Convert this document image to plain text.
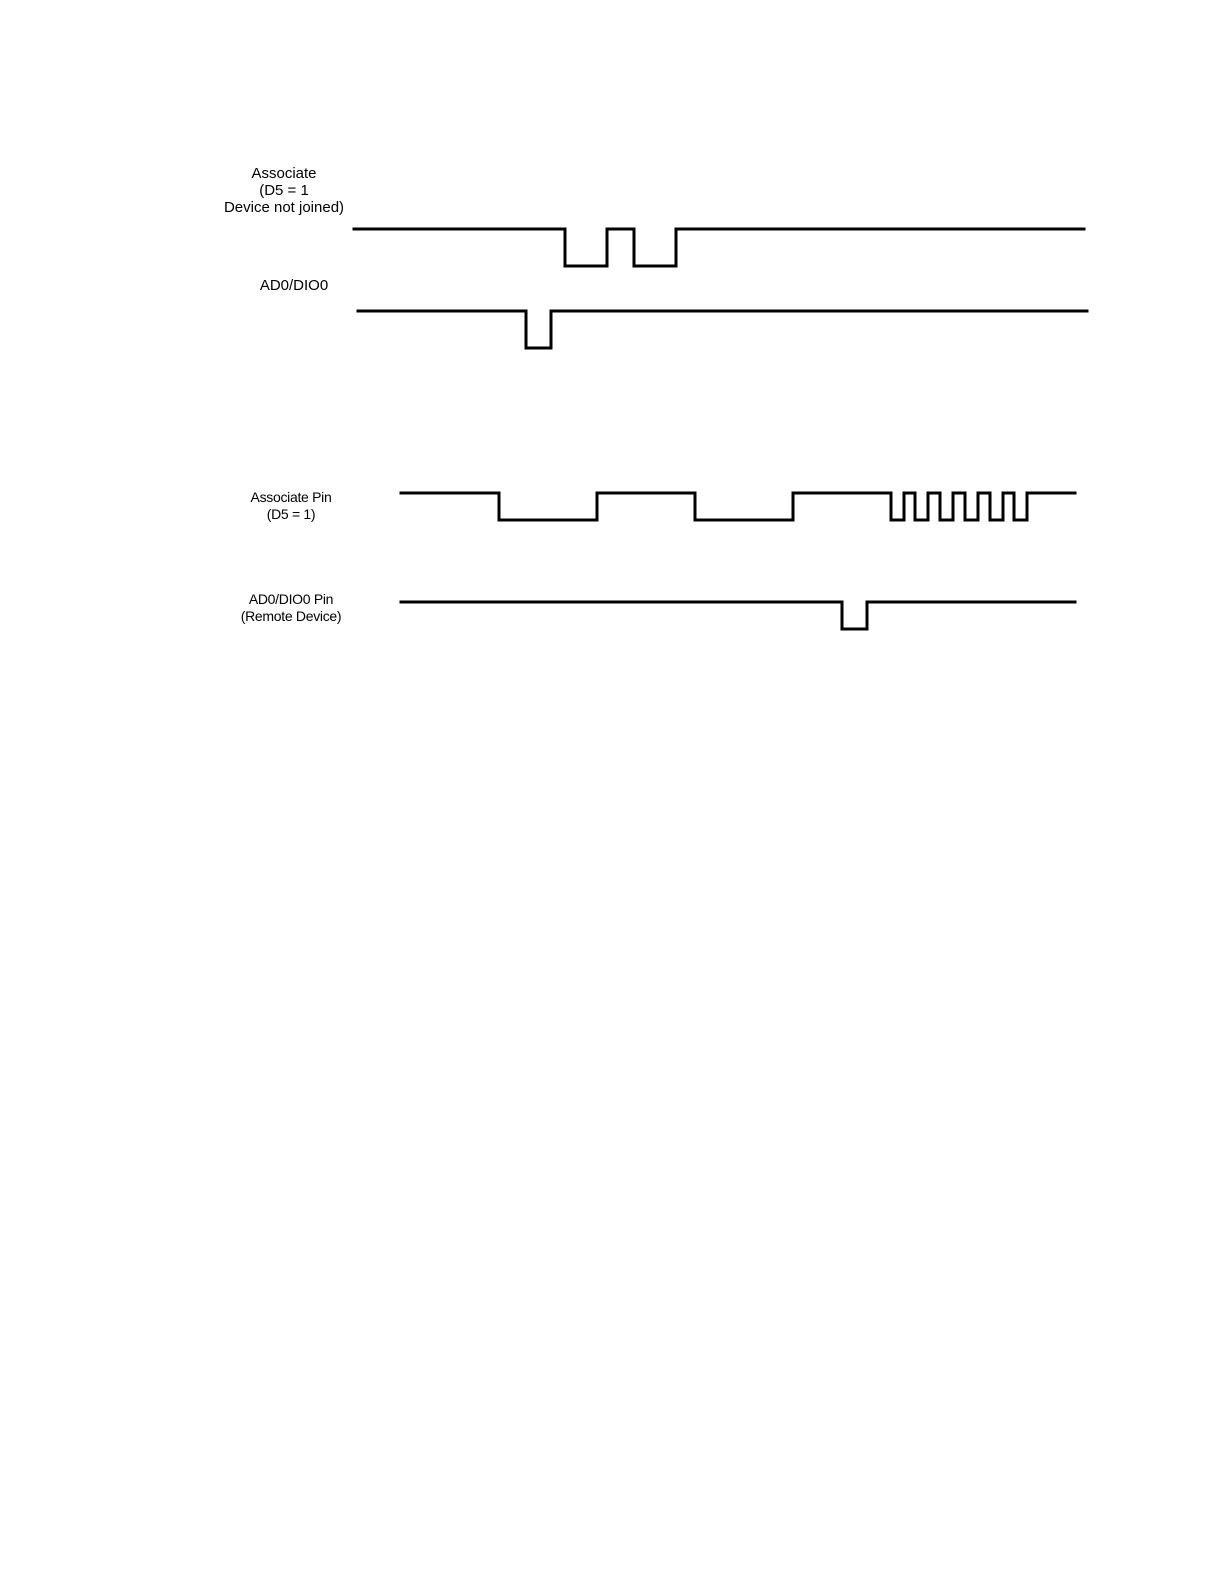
Associate
(D5 = 1
Device not joined)
AD0/DIO0
Associate Pin
(D5 = 1)
AD0/DIO0 Pin
(Remote Device)
